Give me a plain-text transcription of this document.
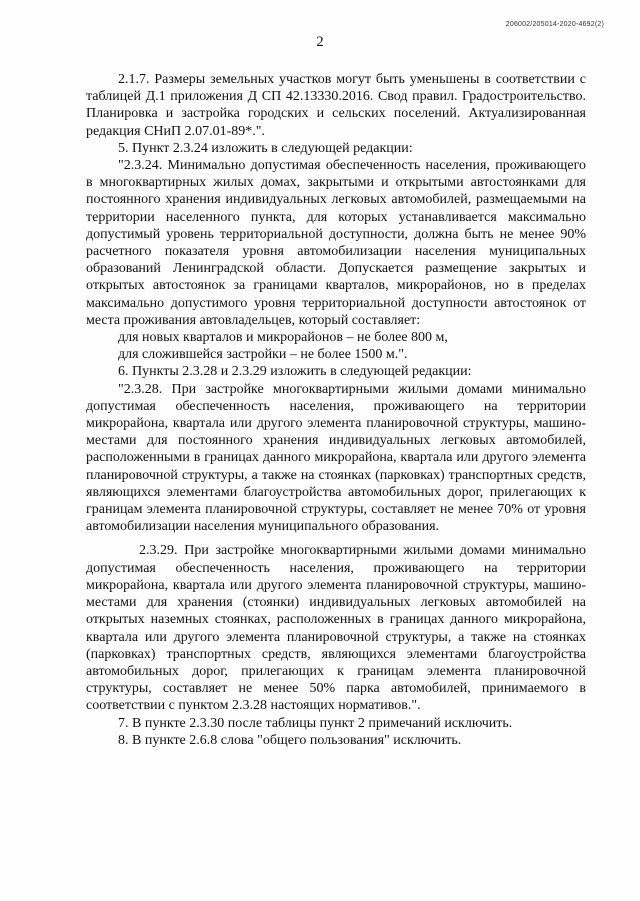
206002/205014-2020-4692(2)
2

2.1.7. Размеры земельных участков могут быть уменьшены в соответствии с таблицей Д.1 приложения Д СП 42.13330.2016. Свод правил. Градостроительство. Планировка и застройка городских и сельских поселений. Актуализированная редакция СНиП 2.07.01-89*.".

5. Пункт 2.3.24 изложить в следующей редакции:

"2.3.24. Минимально допустимая обеспеченность населения, проживающего в многоквартирных жилых домах, закрытыми и открытыми автостоянками для постоянного хранения индивидуальных легковых автомобилей, размещаемыми на территории населенного пункта, для которых устанавливается максимально допустимый уровень территориальной доступности, должна быть не менее 90% расчетного показателя уровня автомобилизации населения муниципальных образований Ленинградской области. Допускается размещение закрытых и открытых автостоянок за границами кварталов, микрорайонов, но в пределах максимально допустимого уровня территориальной доступности автостоянок от места проживания автовладельцев, который составляет:

для новых кварталов и микрорайонов – не более 800 м,

для сложившейся застройки – не более 1500 м.".

6. Пункты 2.3.28 и 2.3.29 изложить в следующей редакции:

"2.3.28. При застройке многоквартирными жилыми домами минимально допустимая обеспеченность населения, проживающего на территории микрорайона, квартала или другого элемента планировочной структуры, машино-местами для постоянного хранения индивидуальных легковых автомобилей, расположенными в границах данного микрорайона, квартала или другого элемента планировочной структуры, а также на стоянках (парковках) транспортных средств, являющихся элементами благоустройства автомобильных дорог, прилегающих к границам элемента планировочной структуры, составляет не менее 70% от уровня автомобилизации населения муниципального образования.

2.3.29. При застройке многоквартирными жилыми домами минимально допустимая обеспеченность населения, проживающего на территории микрорайона, квартала или другого элемента планировочной структуры, машино-местами для хранения (стоянки) индивидуальных легковых автомобилей на открытых наземных стоянках, расположенных в границах данного микрорайона, квартала или другого элемента планировочной структуры, а также на стоянках (парковках) транспортных средств, являющихся элементами благоустройства автомобильных дорог, прилегающих к границам элемента планировочной структуры, составляет не менее 50% парка автомобилей, принимаемого в соответствии с пунктом 2.3.28 настоящих нормативов.".

7. В пункте 2.3.30 после таблицы пункт 2 примечаний исключить.

8. В пункте 2.6.8 слова "общего пользования" исключить.
